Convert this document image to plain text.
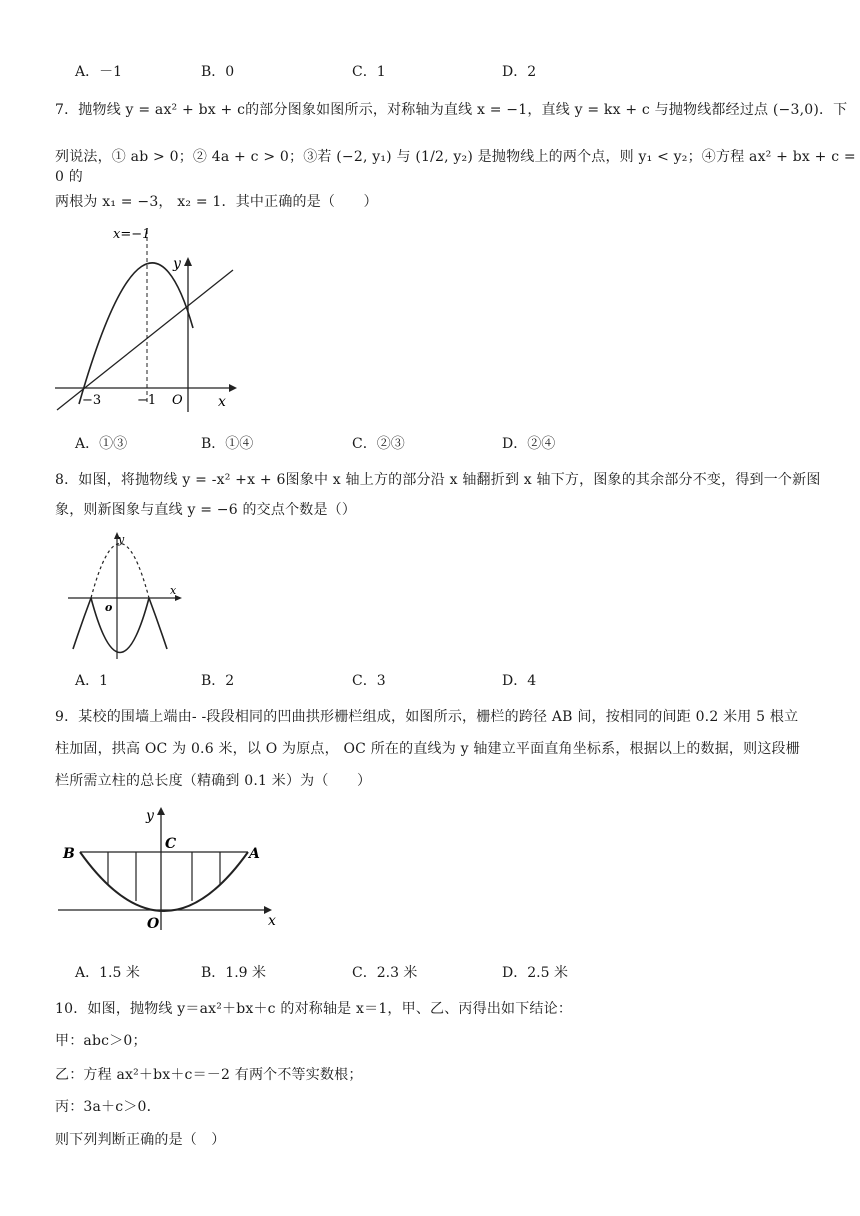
A．－1	B．0	C．1	D．2
7．抛物线 y = ax² + bx + c的部分图象如图所示，对称轴为直线 x = −1，直线 y = kx + c 与抛物线都经过点 (−3,0)．下
列说法，① ab > 0；② 4a + c > 0；③若 (−2, y₁) 与 (1/2, y₂) 是抛物线上的两个点，则 y₁ < y₂；④方程 ax² + bx + c = 0 的
两根为 x₁ = −3， x₂ = 1．其中正确的是（　　）
x=−1
y
x
−3	−1 O
A．①③	B．①④	C．②③	D．②④
8．如图，将抛物线 y = -x² +x + 6图象中 x 轴上方的部分沿 x 轴翻折到 x 轴下方，图象的其余部分不变，得到一个新图
象，则新图象与直线 y = −6 的交点个数是（）
y
x
o
A．1	B．2	C．3	D．4
9．某校的围墙上端由- -段段相同的凹曲拱形栅栏组成，如图所示，栅栏的跨径 AB 间，按相同的间距 0.2 米用 5 根立
柱加固，拱高 OC 为 0.6 米，以 O 为原点， OC 所在的直线为 y 轴建立平面直角坐标系，根据以上的数据，则这段栅
栏所需立柱的总长度（精确到 0.1 米）为（　　）
y
x
B	A
C
O
A．1.5 米	B．1.9 米	C．2.3 米	D．2.5 米
10．如图，抛物线 y＝ax²＋bx＋c 的对称轴是 x＝1，甲、乙、丙得出如下结论：
甲：abc＞0；
乙：方程 ax²＋bx＋c＝－2 有两个不等实数根；
丙：3a＋c＞0．
则下列判断正确的是（　）
